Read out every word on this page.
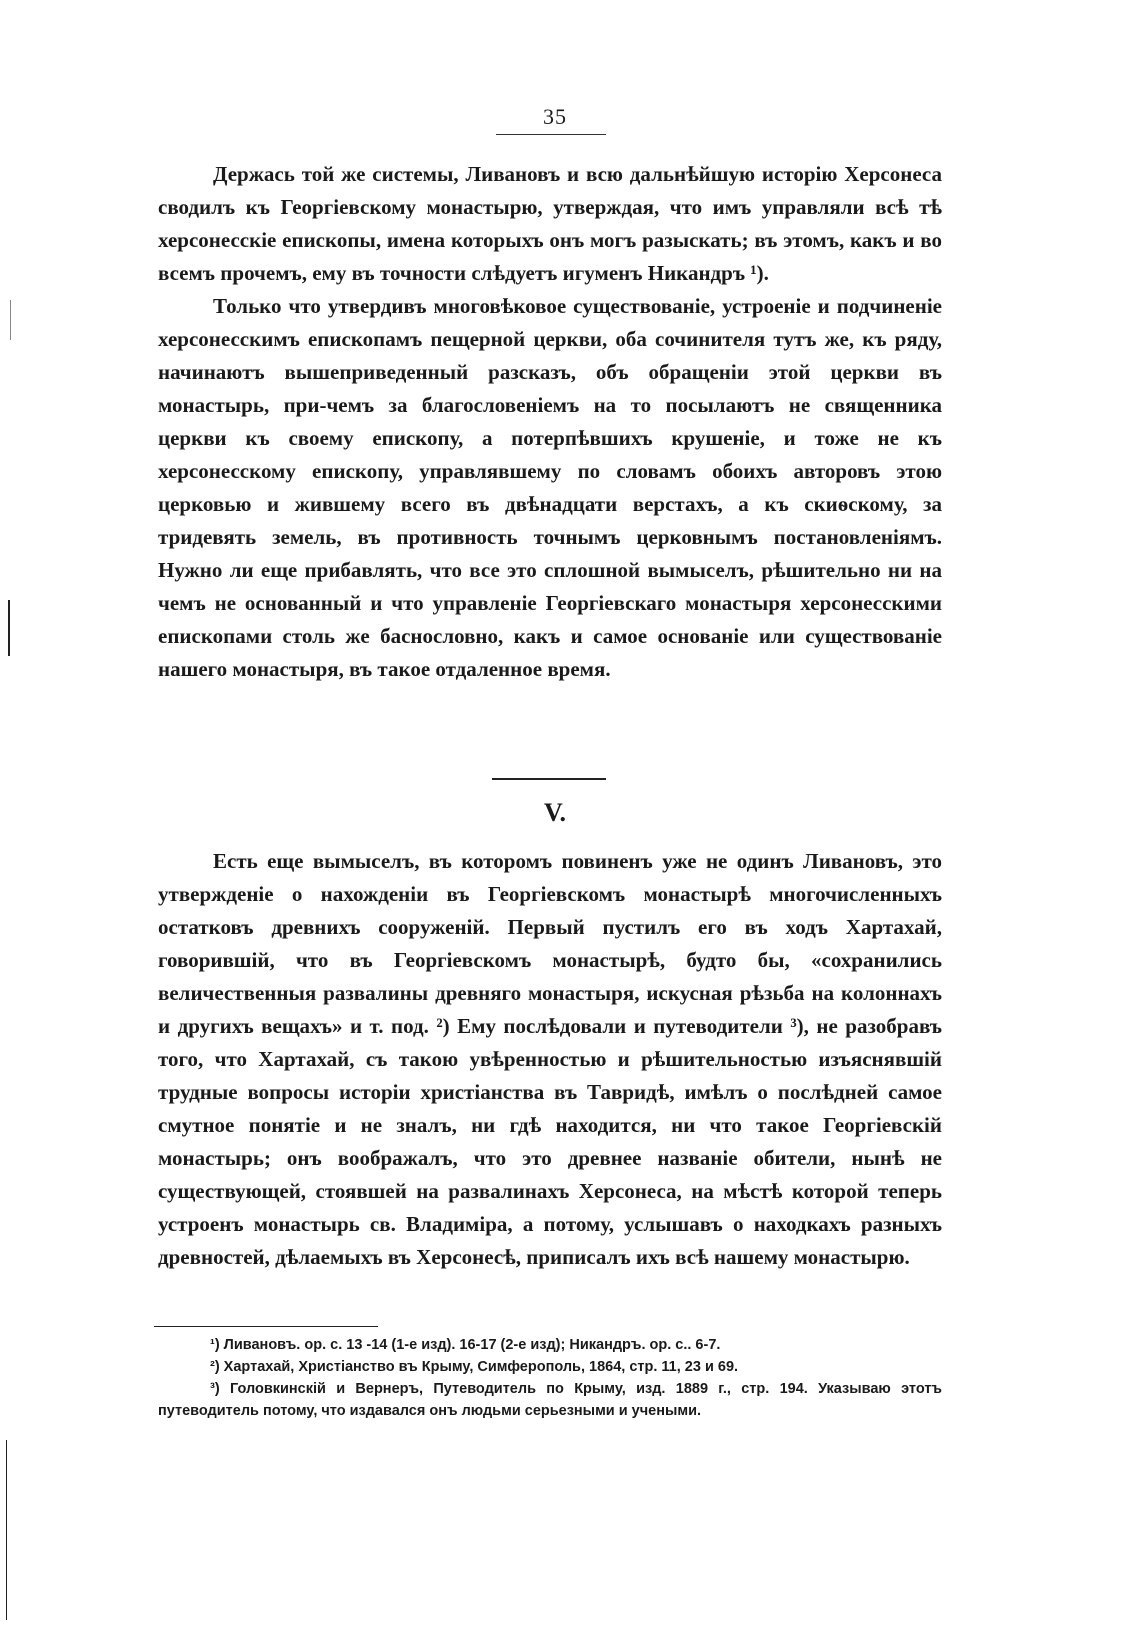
35

Держась той же системы, Ливановъ и всю дальнѣйшую исторію Херсонеса сводилъ къ Георгіевскому монастырю, утверждая, что имъ управляли всѣ тѣ херсонесскіе епископы, имена которыхъ онъ могъ разыскать; въ этомъ, какъ и во всемъ прочемъ, ему въ точности слѣдуетъ игуменъ Никандръ ¹).

Только что утвердивъ многовѣковое существованіе, устроеніе и подчиненіе херсонесскимъ епископамъ пещерной церкви, оба сочинителя тутъ же, къ ряду, начинаютъ вышеприведенный разсказъ, объ обращеніи этой церкви въ монастырь, при-чемъ за благословеніемъ на то посылаютъ не священника церкви къ своему епископу, а потерпѣвшихъ крушеніе, и тоже не къ херсонесскому епископу, управлявшему по словамъ обоихъ авторовъ этою церковью и жившему всего въ двѣнадцати верстахъ, а къ скиѳскому, за тридевять земель, въ противность точнымъ церковнымъ постановленіямъ. Нужно ли еще прибавлять, что все это сплошной вымыселъ, рѣшительно ни на чемъ не основанный и что управленіе Георгіевскаго монастыря херсонесскими епископами столь же баснословно, какъ и самое основаніе или существованіе нашего монастыря, въ такое отдаленное время.

V.

Есть еще вымыселъ, въ которомъ повиненъ уже не одинъ Ливановъ, это утвержденіе о нахожденіи въ Георгіевскомъ монастырѣ многочисленныхъ остатковъ древнихъ сооруженій. Первый пустилъ его въ ходъ Хартахай, говорившій, что въ Георгіевскомъ монастырѣ, будто бы, «сохранились величественныя развалины древняго монастыря, искусная рѣзьба на колоннахъ и другихъ вещахъ» и т. под. ²) Ему послѣдовали и путеводители ³), не разобравъ того, что Хартахай, съ такою увѣренностью и рѣшительностью изъяснявшій трудные вопросы исторіи христіанства въ Тавридѣ, имѣлъ о послѣдней самое смутное понятіе и не зналъ, ни гдѣ находится, ни что такое Георгіевскій монастырь; онъ воображалъ, что это древнее названіе обители, нынѣ не существующей, стоявшей на развалинахъ Херсонеса, на мѣстѣ которой теперь устроенъ монастырь св. Владиміра, а потому, услышавъ о находкахъ разныхъ древностей, дѣлаемыхъ въ Херсонесѣ, приписалъ ихъ всѣ нашему монастырю.

¹) Ливановъ. ор. с. 13 -14 (1-е изд). 16-17 (2-е изд); Никандръ. ор. с.. 6-7.

²) Хартахай, Христіанство въ Крыму, Симферополь, 1864, стр. 11, 23 и 69.

³) Головкинскій и Вернеръ, Путеводитель по Крыму, изд. 1889 г., стр. 194. Указываю этотъ путеводитель потому, что издавался онъ людьми серьезными и учеными.
